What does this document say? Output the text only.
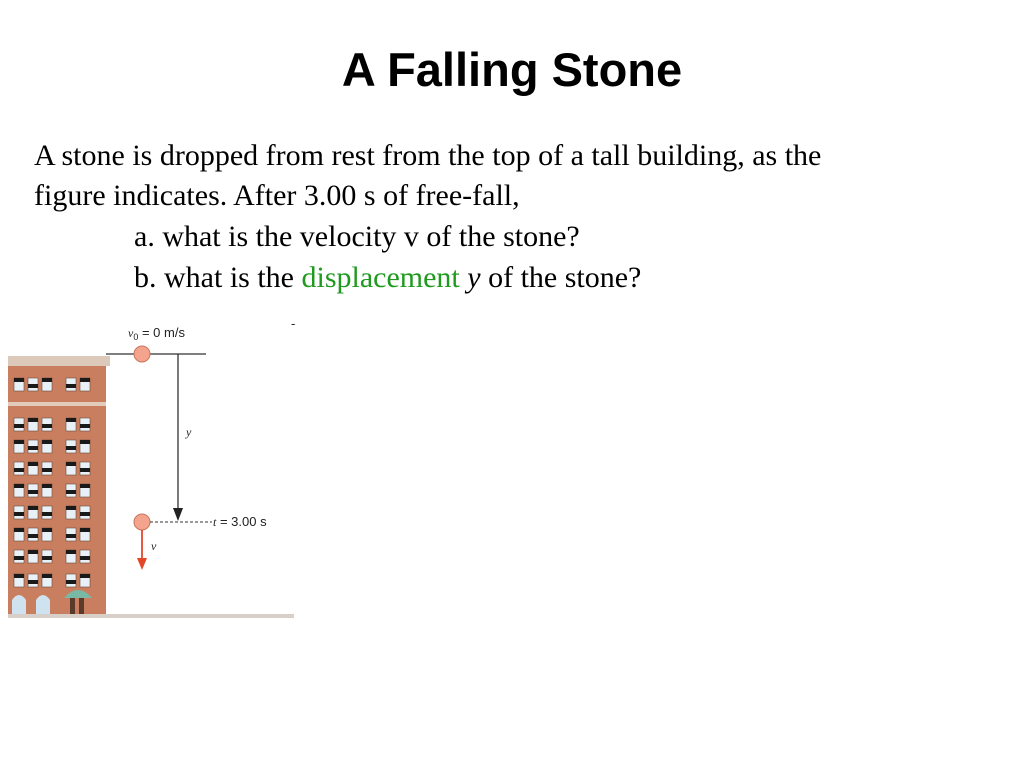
A Falling Stone
A stone is dropped from rest from the top of a tall building, as the
figure indicates. After 3.00 s of free-fall,
a. what is the velocity v of the stone?
b. what is the displacement y of the stone?
$v_0 = 0$ m/s
-
y
t = 3.00 s
v
